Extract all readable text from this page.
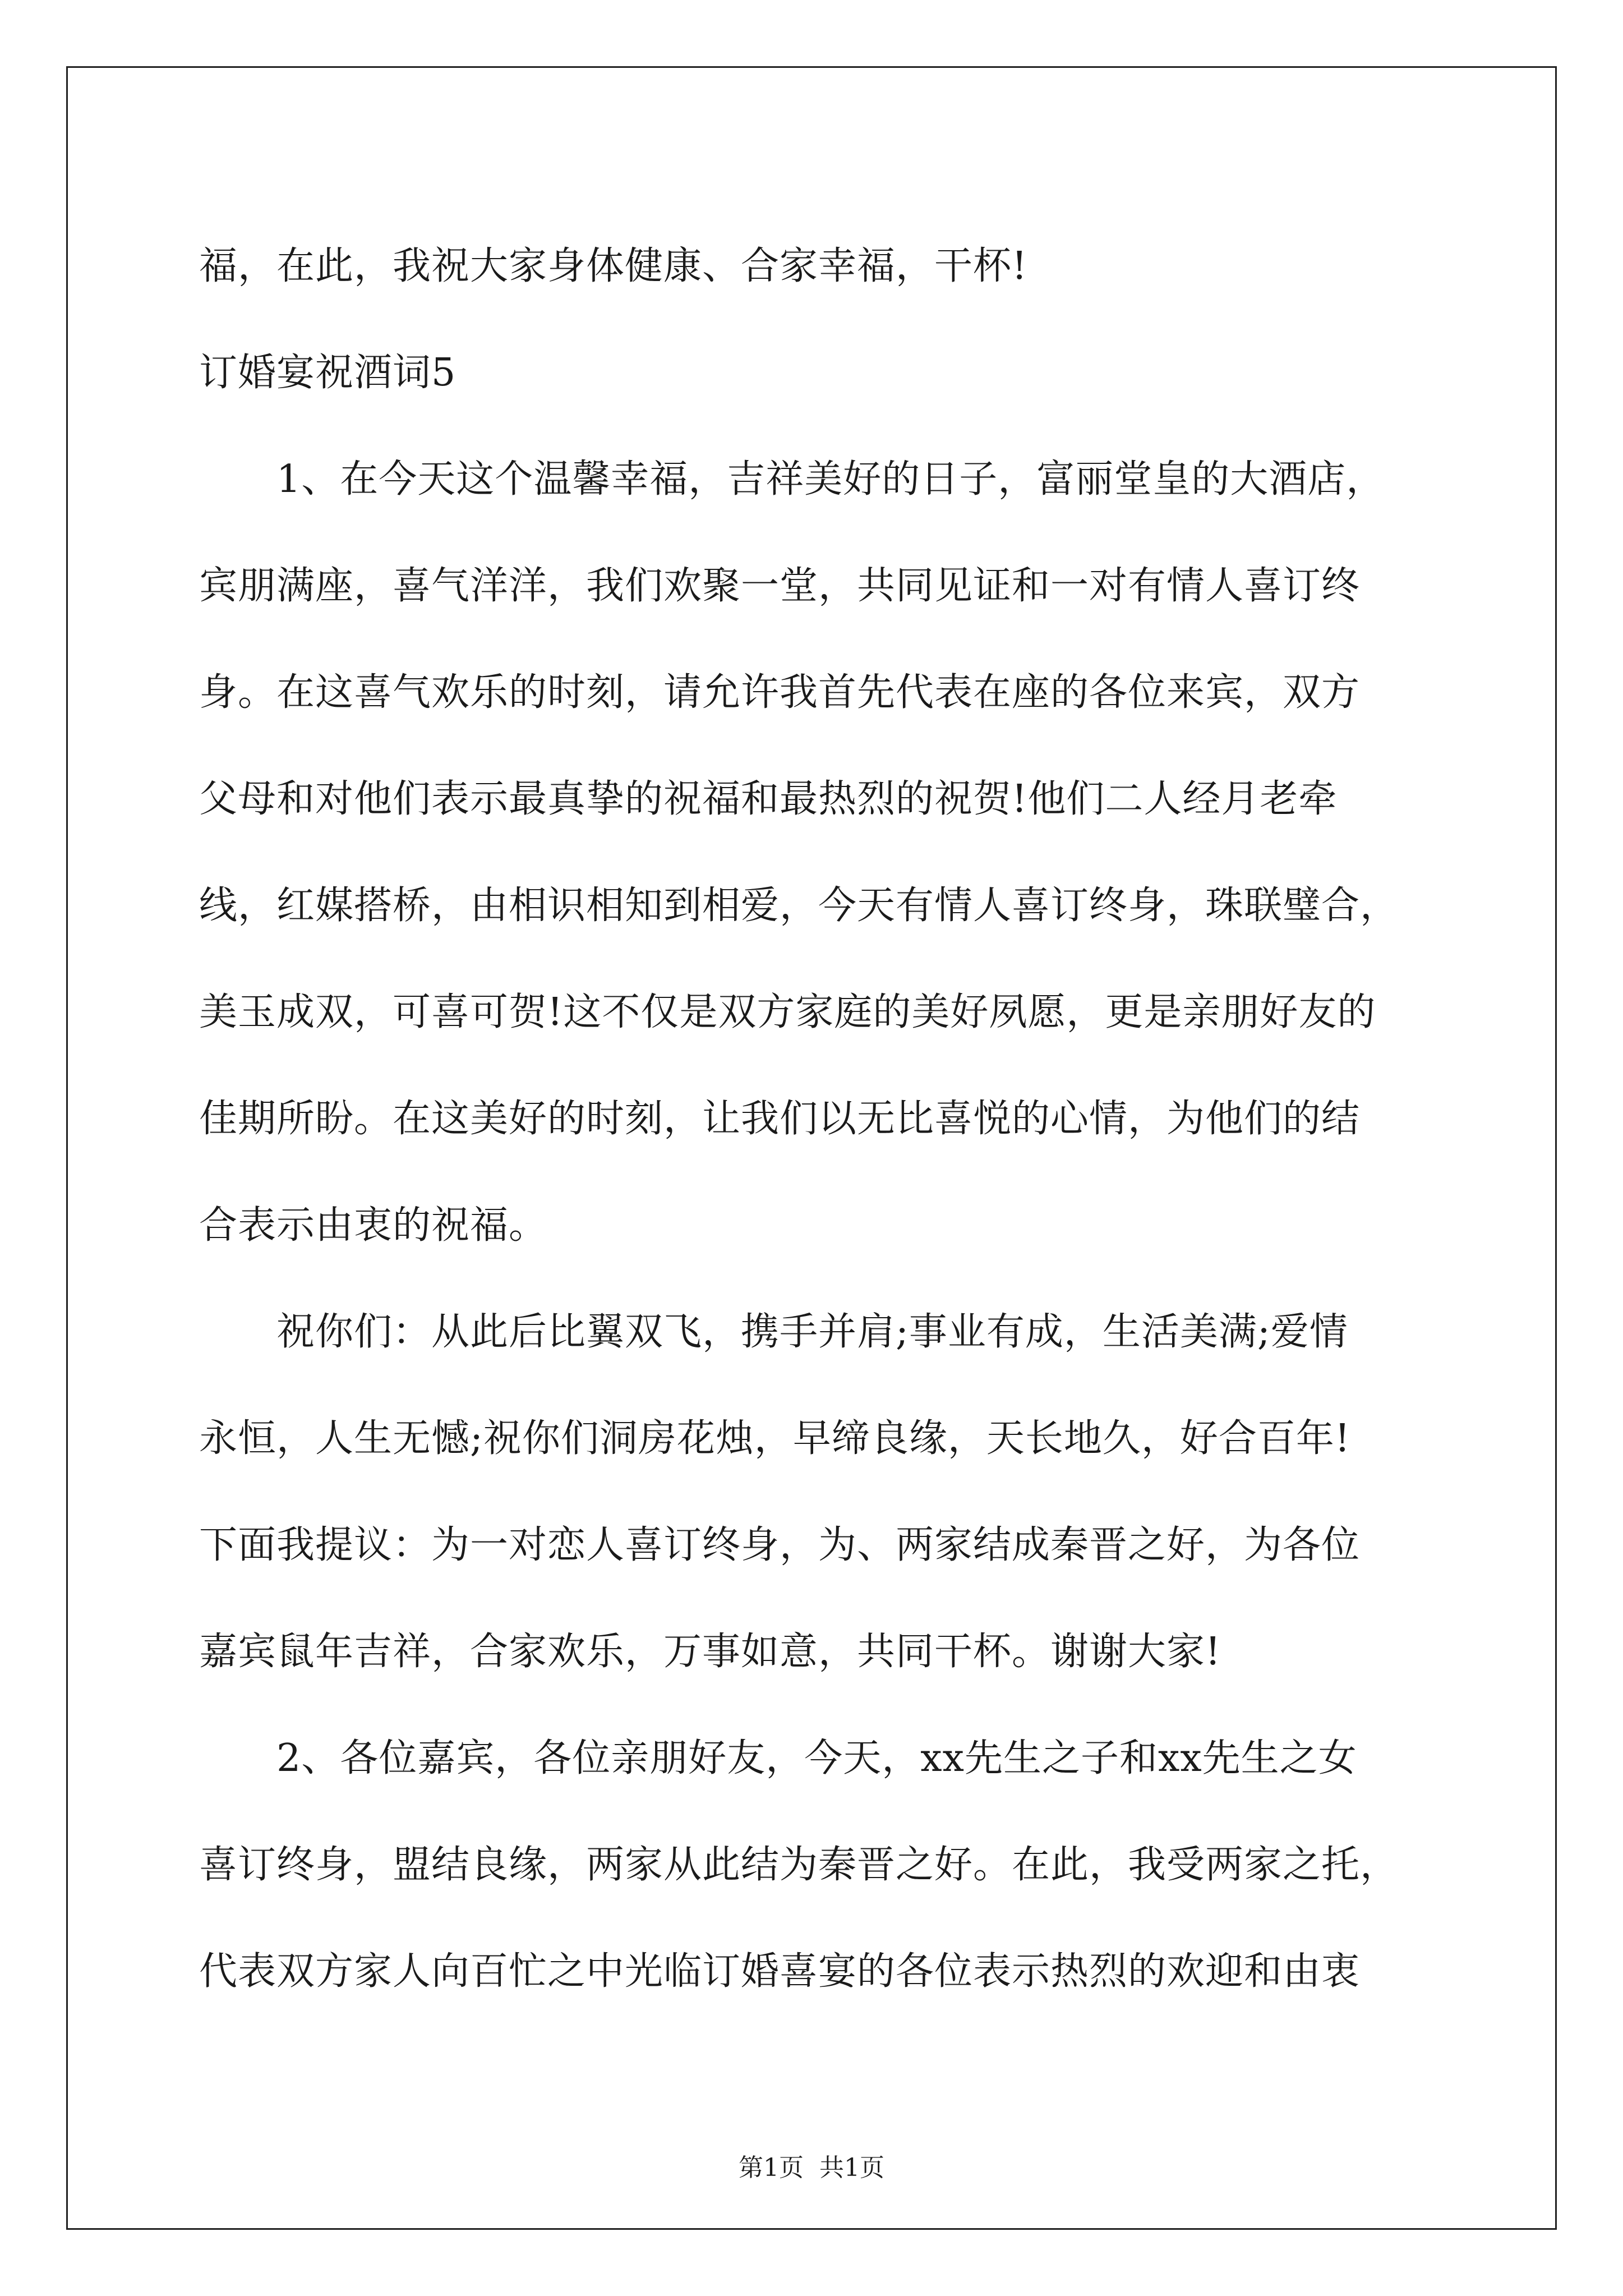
福，在此，我祝大家身体健康、合家幸福，干杯!
订婚宴祝酒词5
　　1、在今天这个温馨幸福，吉祥美好的日子，富丽堂皇的大酒店，
宾朋满座，喜气洋洋，我们欢聚一堂，共同见证和一对有情人喜订终
身。在这喜气欢乐的时刻，请允许我首先代表在座的各位来宾，双方
父母和对他们表示最真挚的祝福和最热烈的祝贺!他们二人经月老牵
线，红媒搭桥，由相识相知到相爱，今天有情人喜订终身，珠联璧合，
美玉成双，可喜可贺!这不仅是双方家庭的美好夙愿，更是亲朋好友的
佳期所盼。在这美好的时刻，让我们以无比喜悦的心情，为他们的结
合表示由衷的祝福。
　　祝你们：从此后比翼双飞，携手并肩;事业有成，生活美满;爱情
永恒，人生无憾;祝你们洞房花烛，早缔良缘，天长地久，好合百年!
下面我提议：为一对恋人喜订终身，为、两家结成秦晋之好，为各位
嘉宾鼠年吉祥，合家欢乐，万事如意，共同干杯。谢谢大家!
　　2、各位嘉宾，各位亲朋好友，今天，xx先生之子和xx先生之女
喜订终身，盟结良缘，两家从此结为秦晋之好。在此，我受两家之托，
代表双方家人向百忙之中光临订婚喜宴的各位表示热烈的欢迎和由衷
第1页  共1页
